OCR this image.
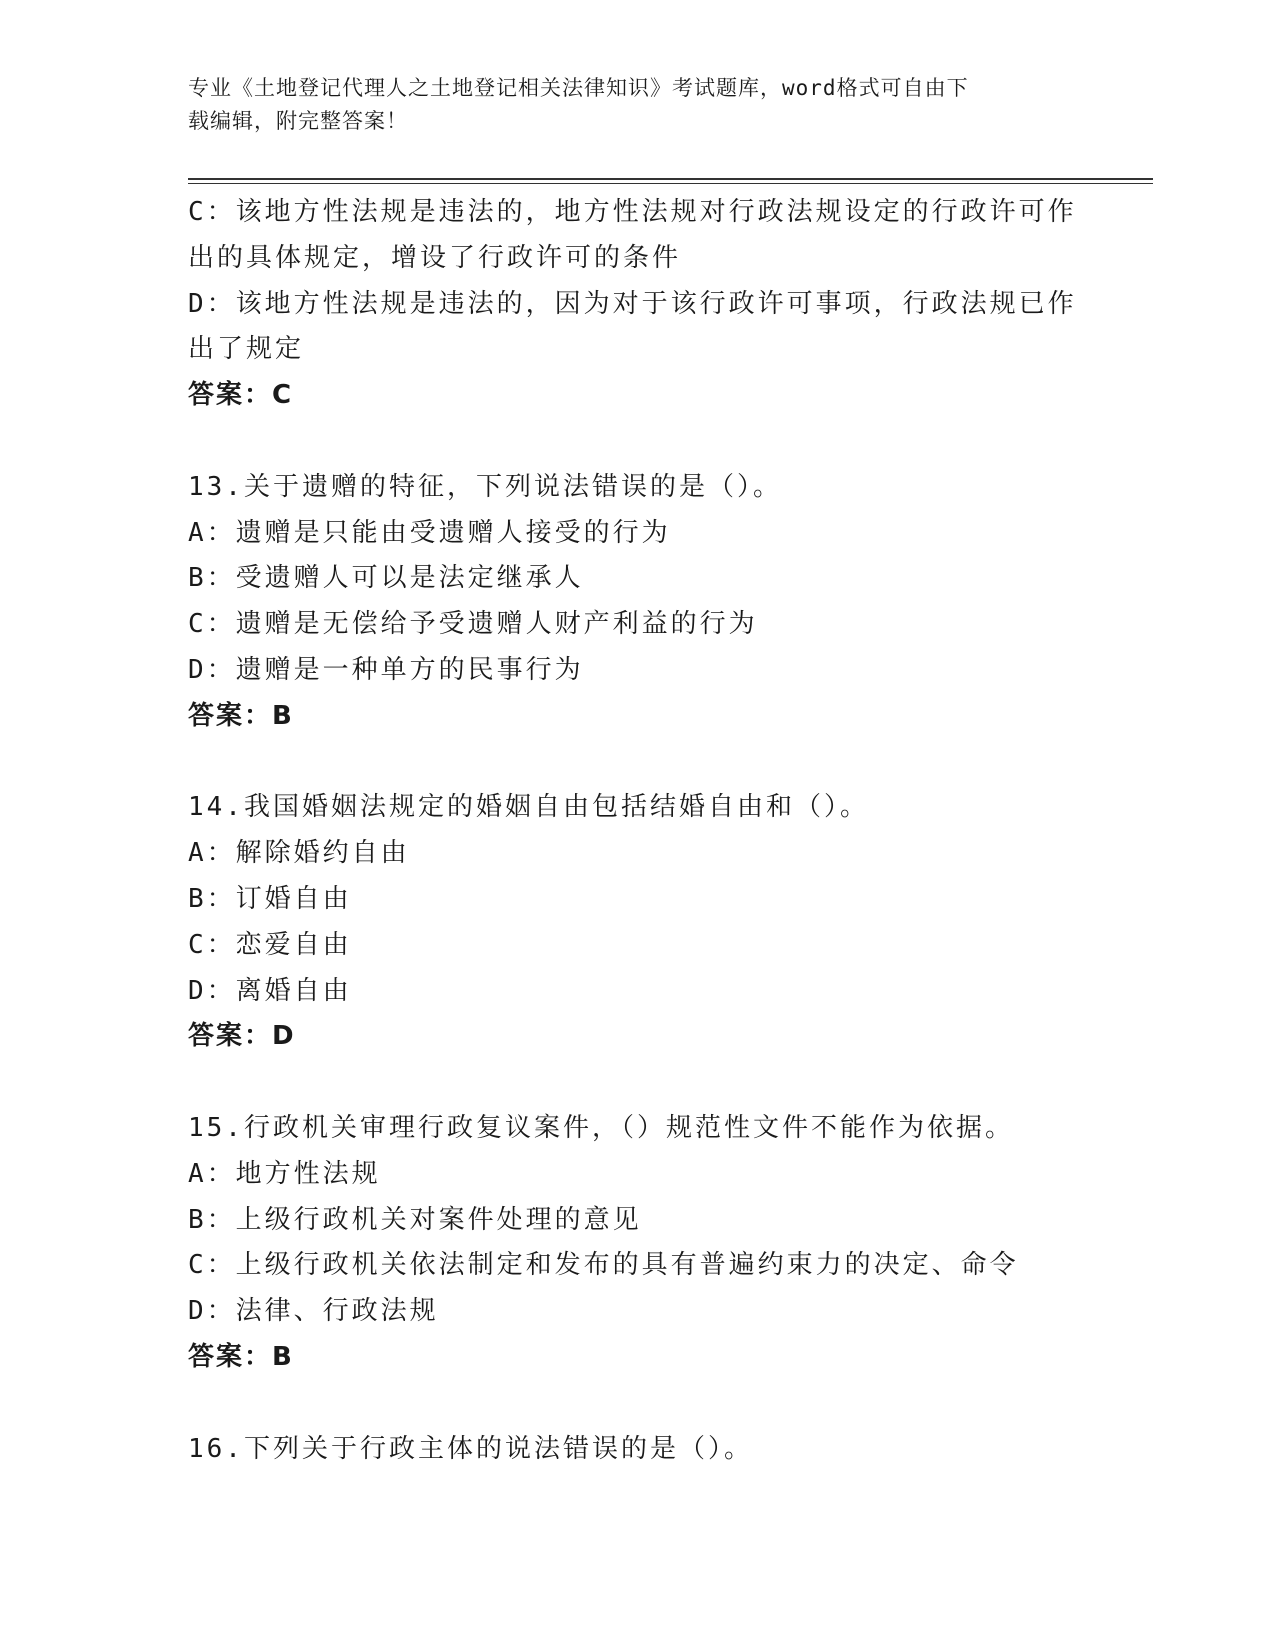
专业《土地登记代理人之土地登记相关法律知识》考试题库，word格式可自由下
载编辑，附完整答案！
C：该地方性法规是违法的，地方性法规对行政法规设定的行政许可作
出的具体规定，增设了行政许可的条件
D：该地方性法规是违法的，因为对于该行政许可事项，行政法规已作
出了规定
答案：C
13.关于遗赠的特征，下列说法错误的是（）。
A：遗赠是只能由受遗赠人接受的行为
B：受遗赠人可以是法定继承人
C：遗赠是无偿给予受遗赠人财产利益的行为
D：遗赠是一种单方的民事行为
答案：B
14.我国婚姻法规定的婚姻自由包括结婚自由和（）。
A：解除婚约自由
B：订婚自由
C：恋爱自由
D：离婚自由
答案：D
15.行政机关审理行政复议案件，（）规范性文件不能作为依据。
A：地方性法规
B：上级行政机关对案件处理的意见
C：上级行政机关依法制定和发布的具有普遍约束力的决定、命令
D：法律、行政法规
答案：B
16.下列关于行政主体的说法错误的是（）。
